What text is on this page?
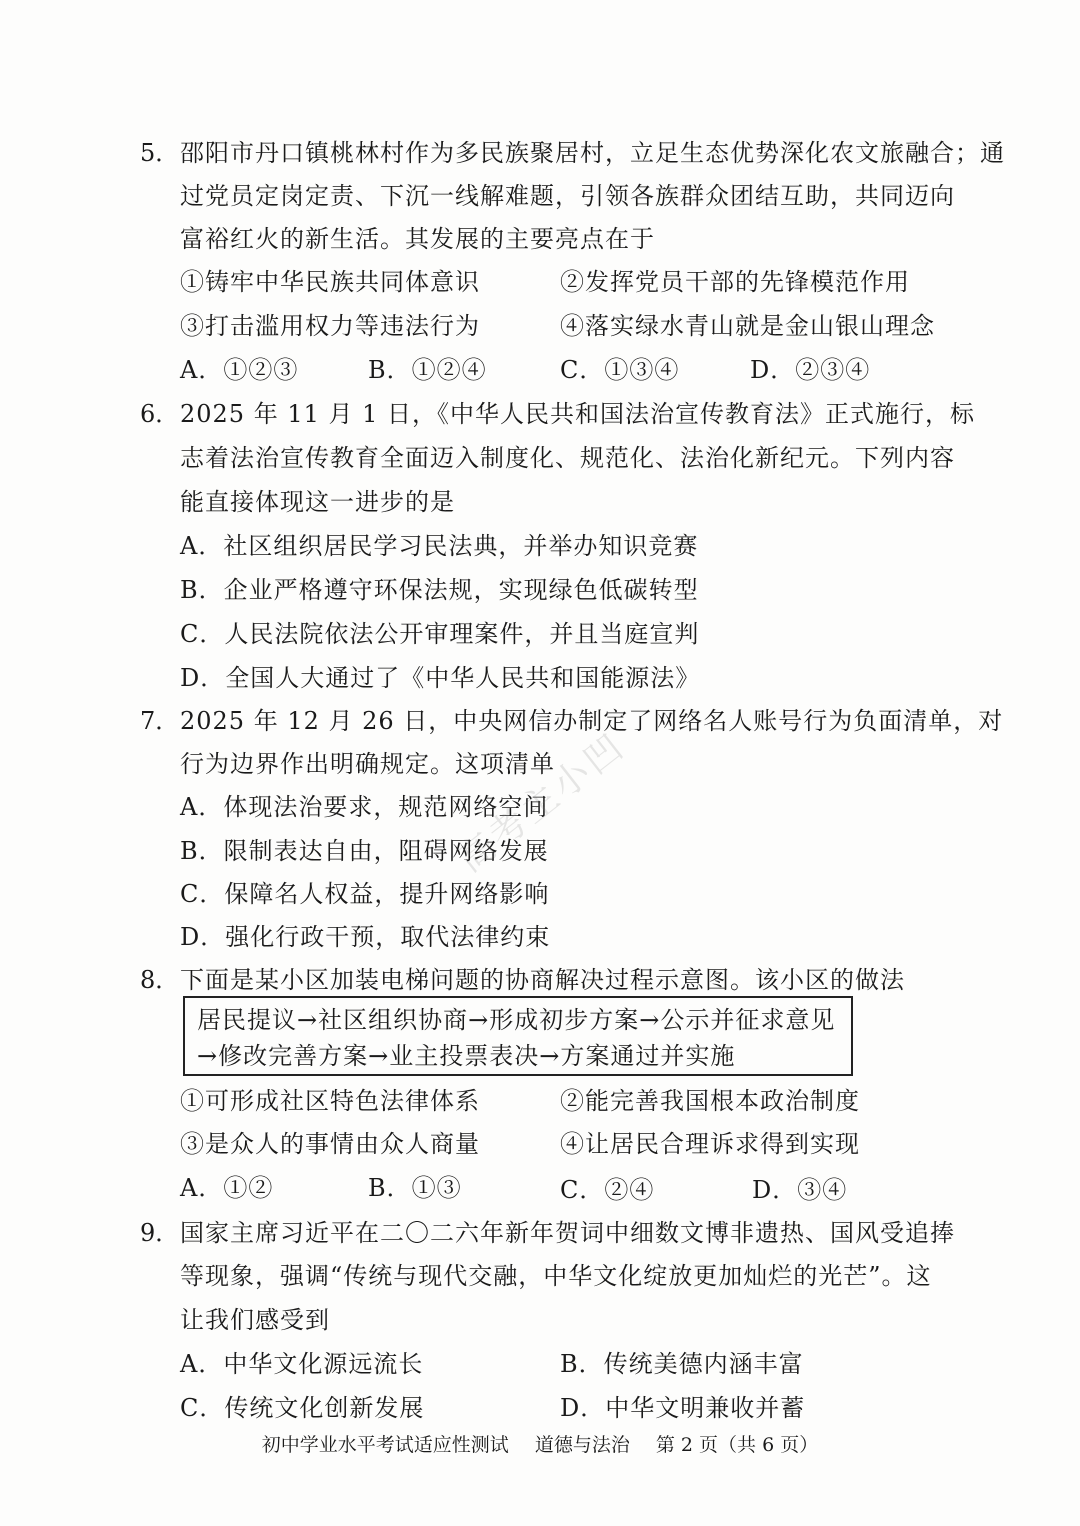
5． 邵阳市丹口镇桃林村作为多民族聚居村，立足生态优势深化农文旅融合；通
过党员定岗定责、下沉一线解难题，引领各族群众团结互助，共同迈向
富裕红火的新生活。其发展的主要亮点在于
①铸牢中华民族共同体意识	②发挥党员干部的先锋模范作用
③打击滥用权力等违法行为	④落实绿水青山就是金山银山理念
A．①②③	B．①②④	C．①③④	D．②③④
6． 2025 年 11 月 1 日，《中华人民共和国法治宣传教育法》正式施行，标
志着法治宣传教育全面迈入制度化、规范化、法治化新纪元。下列内容
能直接体现这一进步的是
A．社区组织居民学习民法典，并举办知识竞赛
B．企业严格遵守环保法规，实现绿色低碳转型
C．人民法院依法公开审理案件，并且当庭宣判
D．全国人大通过了《中华人民共和国能源法》
7． 2025 年 12 月 26 日，中央网信办制定了网络名人账号行为负面清单，对
行为边界作出明确规定。这项清单
A．体现法治要求，规范网络空间
B．限制表达自由，阻碍网络发展
C．保障名人权益，提升网络影响
D．强化行政干预，取代法律约束
8． 下面是某小区加装电梯问题的协商解决过程示意图。该小区的做法
居民提议→社区组织协商→形成初步方案→公示并征求意见
→修改完善方案→业主投票表决→方案通过并实施
①可形成社区特色法律体系	②能完善我国根本政治制度
③是众人的事情由众人商量	④让居民合理诉求得到实现
A．①②	B．①③	C．②④	D．③④
9． 国家主席习近平在二〇二六年新年贺词中细数文博非遗热、国风受追捧
等现象，强调“传统与现代交融，中华文化绽放更加灿烂的光芒”。这
让我们感受到
A．中华文化源远流长	B．传统美德内涵丰富
C．传统文化创新发展	D．中华文明兼收并蓄
初中学业水平考试适应性测试 道德与法治 第 2 页（共 6 页）
高考主小凹
